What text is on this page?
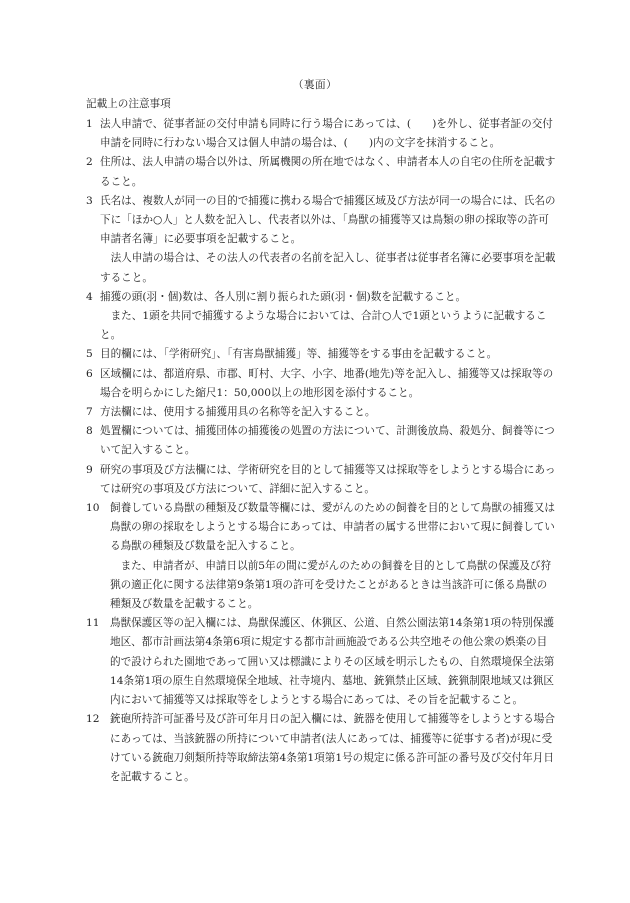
（裏面）
記載上の注意事項
1 法人申請で、従事者証の交付申請も同時に行う場合にあっては、(　　)を外し、従事者証の交付申請を同時に行わない場合又は個人申請の場合は、(　　)内の文字を抹消すること。

2 住所は、法人申請の場合以外は、所属機関の所在地ではなく、申請者本人の自宅の住所を記載すること。

3 氏名は、複数人が同一の目的で捕獲に携わる場合で捕獲区域及び方法が同一の場合には、氏名の下に「ほか○人」と人数を記入し、代表者以外は、「鳥獣の捕獲等又は鳥類の卵の採取等の許可申請者名簿」に必要事項を記載すること。

法人申請の場合は、その法人の代表者の名前を記入し、従事者は従事者名簿に必要事項を記載すること。

4 捕獲の頭(羽・個)数は、各人別に割り振られた頭(羽・個)数を記載すること。

また、1頭を共同で捕獲するような場合においては、合計○人で1頭というように記載すること。

5 目的欄には、「学術研究」、「有害鳥獣捕獲」等、捕獲等をする事由を記載すること。

6 区域欄には、都道府県、市郡、町村、大字、小字、地番(地先)等を記入し、捕獲等又は採取等の場合を明らかにした縮尺1：50,000以上の地形図を添付すること。

7 方法欄には、使用する捕獲用具の名称等を記入すること。

8 処置欄については、捕獲団体の捕獲後の処置の方法について、計測後放鳥、殺処分、飼養等について記入すること。

9 研究の事項及び方法欄には、学術研究を目的として捕獲等又は採取等をしようとする場合にあっては研究の事項及び方法について、詳細に記入すること。

10 飼養している鳥獣の種類及び数量等欄には、愛がんのための飼養を目的として鳥獣の捕獲又は鳥獣の卵の採取をしようとする場合にあっては、申請者の属する世帯において現に飼養している鳥獣の種類及び数量を記入すること。

また、申請者が、申請日以前5年の間に愛がんのための飼養を目的として鳥獣の保護及び狩猟の適正化に関する法律第9条第1項の許可を受けたことがあるときは当該許可に係る鳥獣の種類及び数量を記載すること。

11 鳥獣保護区等の記入欄には、鳥獣保護区、休猟区、公道、自然公園法第14条第1項の特別保護地区、都市計画法第4条第6項に規定する都市計画施設である公共空地その他公衆の娯楽の目的で設けられた園地であって囲い又は標識によりその区域を明示したもの、自然環境保全法第14条第1項の原生自然環境保全地域、社寺境内、墓地、銃猟禁止区域、銃猟制限地域又は猟区内において捕獲等又は採取等をしようとする場合にあっては、その旨を記載すること。

12 銃砲所持許可証番号及び許可年月日の記入欄には、銃器を使用して捕獲等をしようとする場合にあっては、当該銃器の所持について申請者(法人にあっては、捕獲等に従事する者)が現に受けている銃砲刀剣類所持等取締法第4条第1項第1号の規定に係る許可証の番号及び交付年月日を記載すること。
